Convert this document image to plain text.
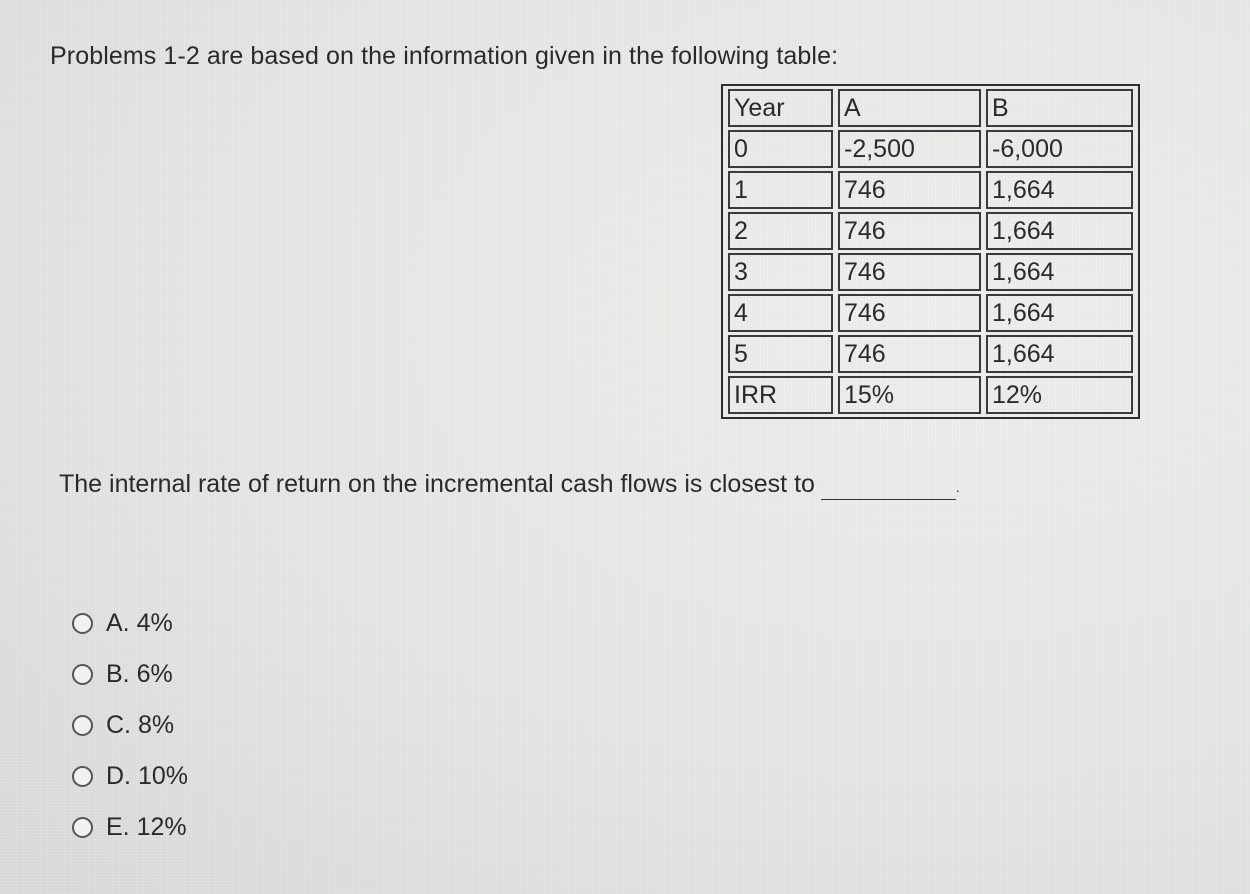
Problems 1-2 are based on the information given in the following table:
Year	A	B
0	-2,500	-6,000
1	746	1,664
2	746	1,664
3	746	1,664
4	746	1,664
5	746	1,664
IRR	15%	12%
The internal rate of return on the incremental cash flows is closest to	.
A. 4%
B. 6%
C. 8%
D. 10%
E. 12%
